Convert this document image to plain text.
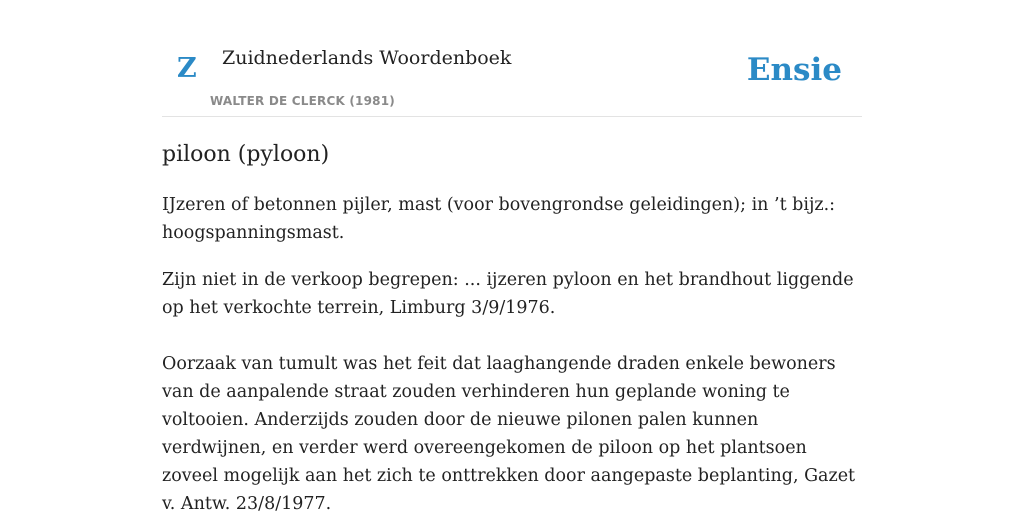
Z Zuidnederlands Woordenboek
WALTER DE CLERCK (1981)
Ensie
piloon (pyloon)

IJzeren of betonnen pijler, mast (voor bovengrondse geleidingen); in ’t bijz.: hoogspanningsmast.

Zijn niet in de verkoop begrepen: ... ijzeren pyloon en het brandhout liggende op het verkochte terrein, Limburg 3/9/1976.

Oorzaak van tumult was het feit dat laaghangende draden enkele bewoners van de aanpalende straat zouden verhinderen hun geplande woning te voltooien. Anderzijds zouden door de nieuwe pilonen palen kunnen verdwijnen, en verder werd overeengekomen de piloon op het plantsoen zoveel mogelijk aan het zich te onttrekken door aangepaste beplanting, Gazet v. Antw. 23/8/1977.
